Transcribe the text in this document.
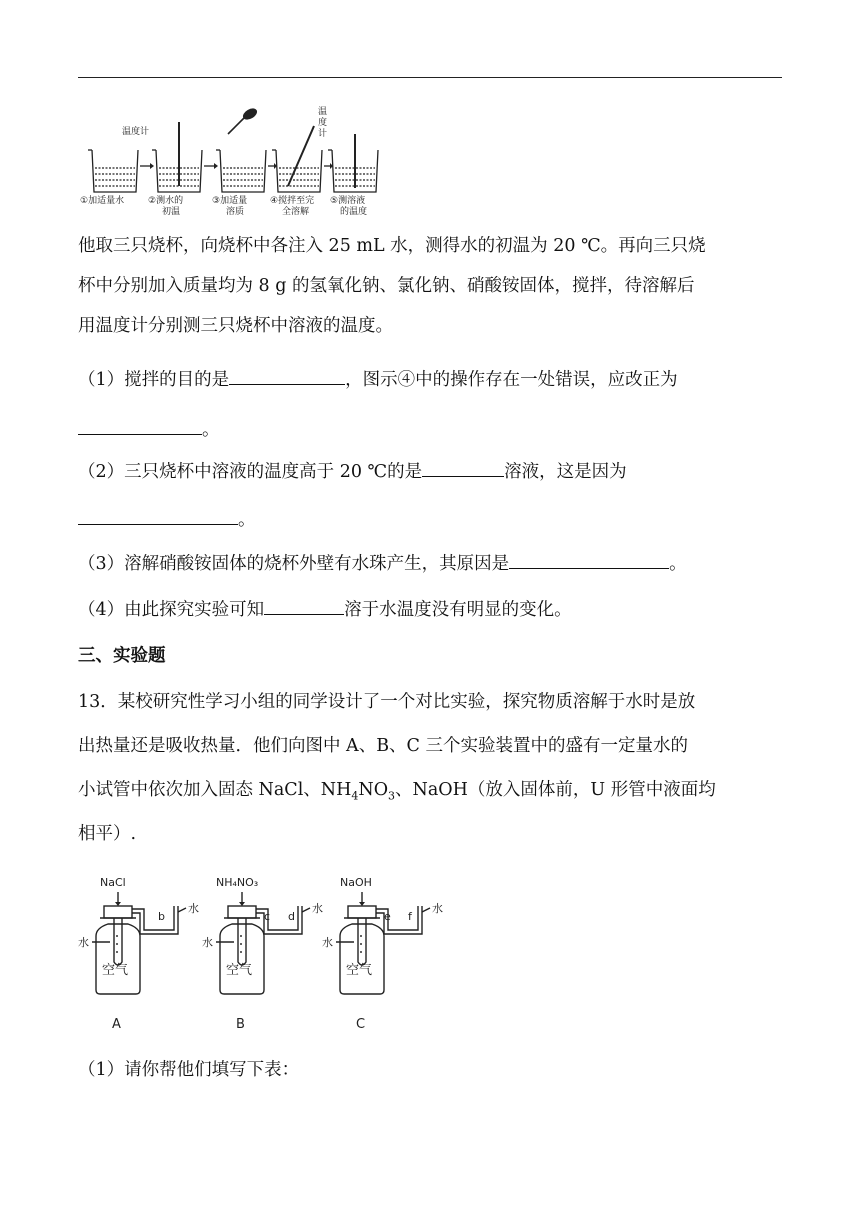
温度计
温
度
计
①加适量水	②测水的
初温
③加适量
溶质
④搅拌至完
全溶解
⑤测溶液
的温度
他取三只烧杯，向烧杯中各注入 25 mL 水，测得水的初温为 20 ℃。再向三只烧
杯中分别加入质量均为 8 g 的氢氧化钠、氯化钠、硝酸铵固体，搅拌，待溶解后
用温度计分别测三只烧杯中溶液的温度。
（1）搅拌的目的是	，图示④中的操作存在一处错误，应改正为
。
（2）三只烧杯中溶液的温度高于 20 ℃的是	溶液，这是因为
。
（3）溶解硝酸铵固体的烧杯外壁有水珠产生，其原因是	。
（4）由此探究实验可知	溶于水温度没有明显的变化。
三、实验题
13．某校研究性学习小组的同学设计了一个对比实验，探究物质溶解于水时是放
出热量还是吸收热量．他们向图中 A、B、C 三个实验装置中的盛有一定量水的
小试管中依次加入固态 NaCl、$NH_4NO_3$、NaOH（放入固体前，U 形管中液面均
相平）.
NaCl
b
水
水
空气
A
NH₄NO₃
c d
水
水
空气
B
NaOH
e f
水
水
空气
C
（1）请你帮他们填写下表：
